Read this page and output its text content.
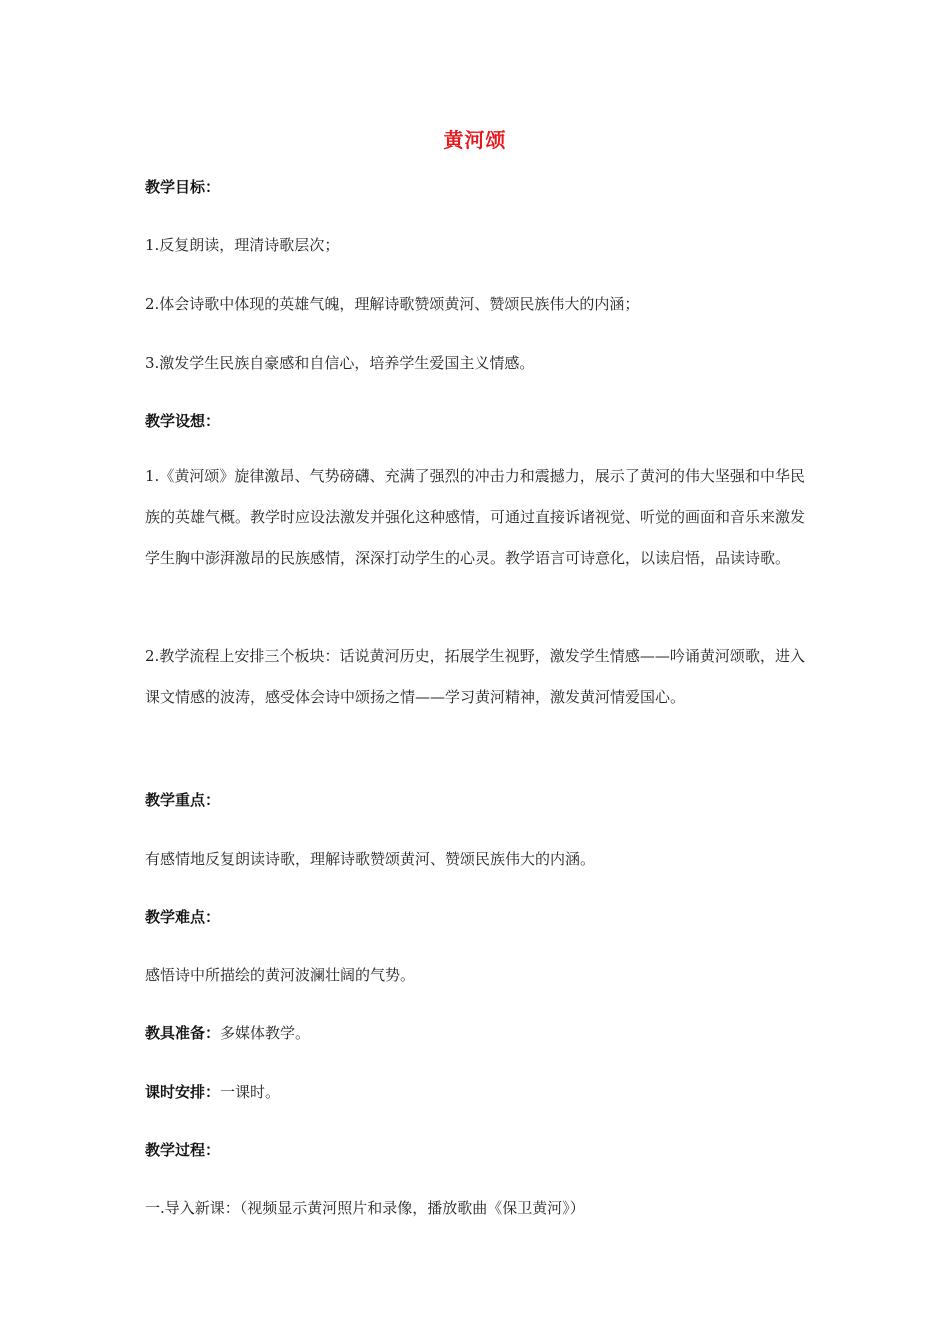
黄河颂
教学目标：
1.反复朗读，理清诗歌层次；
2.体会诗歌中体现的英雄气魄，理解诗歌赞颂黄河、赞颂民族伟大的内涵；
3.激发学生民族自豪感和自信心，培养学生爱国主义情感。
教学设想：
1.《黄河颂》旋律激昂、气势磅礴、充满了强烈的冲击力和震撼力，展示了黄河的伟大坚强和中华民族的英雄气概。教学时应设法激发并强化这种感情，可通过直接诉诸视觉、听觉的画面和音乐来激发学生胸中澎湃激昂的民族感情，深深打动学生的心灵。教学语言可诗意化，以读启悟，品读诗歌。
2.教学流程上安排三个板块：话说黄河历史，拓展学生视野，激发学生情感——吟诵黄河颂歌，进入课文情感的波涛，感受体会诗中颂扬之情——学习黄河精神，激发黄河情爱国心。
教学重点：
有感情地反复朗读诗歌，理解诗歌赞颂黄河、赞颂民族伟大的内涵。
教学难点：
感悟诗中所描绘的黄河波澜壮阔的气势。
教具准备：多媒体教学。
课时安排：一课时。
教学过程：
一.导入新课：（视频显示黄河照片和录像，播放歌曲《保卫黄河》）
